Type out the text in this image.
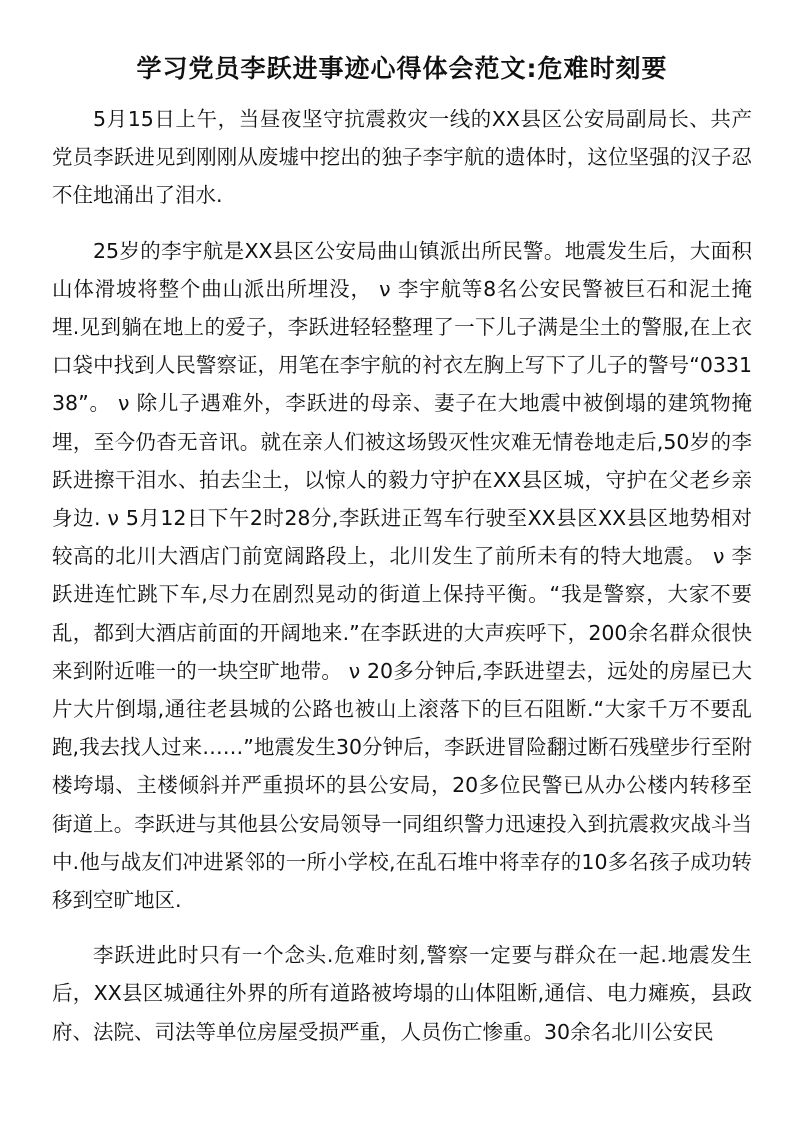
学习党员李跃进事迹心得体会范文:危难时刻要

5月15日上午，当昼夜坚守抗震救灾一线的XX县区公安局副局长、共产党员李跃进见到刚刚从废墟中挖出的独子李宇航的遗体时，这位坚强的汉子忍不住地涌出了泪水.

25岁的李宇航是XX县区公安局曲山镇派出所民警。地震发生后，大面积山体滑坡将整个曲山派出所埋没， ν 李宇航等8名公安民警被巨石和泥土掩埋.见到躺在地上的爱子，李跃进轻轻整理了一下儿子满是尘土的警服,在上衣口袋中找到人民警察证，用笔在李宇航的衬衣左胸上写下了儿子的警号“033138”。 ν 除儿子遇难外，李跃进的母亲、妻子在大地震中被倒塌的建筑物掩埋，至今仍杳无音讯。就在亲人们被这场毁灭性灾难无情卷地走后,50岁的李跃进擦干泪水、拍去尘土，以惊人的毅力守护在XX县区城，守护在父老乡亲身边. ν 5月12日下午2时28分,李跃进正驾车行驶至XX县区XX县区地势相对较高的北川大酒店门前宽阔路段上，北川发生了前所未有的特大地震。 ν 李跃进连忙跳下车,尽力在剧烈晃动的街道上保持平衡。“我是警察，大家不要乱，都到大酒店前面的开阔地来.”在李跃进的大声疾呼下，200余名群众很快来到附近唯一的一块空旷地带。 ν 20多分钟后,李跃进望去，远处的房屋已大片大片倒塌,通往老县城的公路也被山上滚落下的巨石阻断.“大家千万不要乱跑,我去找人过来……”地震发生30分钟后，李跃进冒险翻过断石残壁步行至附楼垮塌、主楼倾斜并严重损坏的县公安局，20多位民警已从办公楼内转移至街道上。李跃进与其他县公安局领导一同组织警力迅速投入到抗震救灾战斗当中.他与战友们冲进紧邻的一所小学校,在乱石堆中将幸存的10多名孩子成功转移到空旷地区.

李跃进此时只有一个念头.危难时刻,警察一定要与群众在一起.地震发生后，XX县区城通往外界的所有道路被垮塌的山体阻断,通信、电力瘫痪，县政府、法院、司法等单位房屋受损严重，人员伤亡惨重。30余名北川公安民
